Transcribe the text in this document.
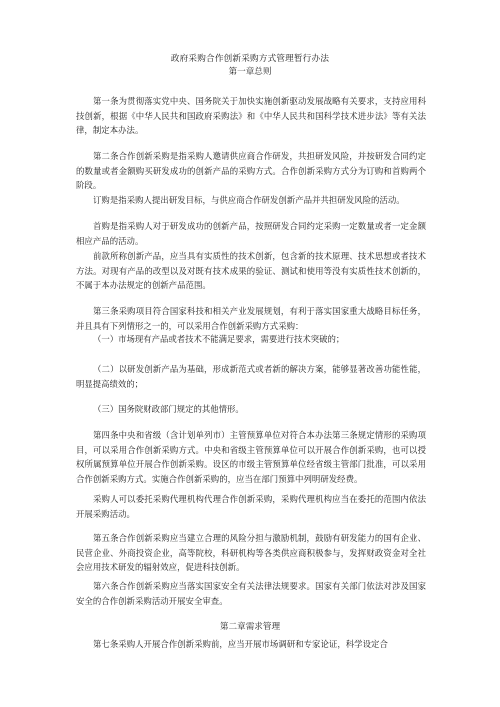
政府采购合作创新采购方式管理暂行办法
第一章总则
第一条为贯彻落实党中央、国务院关于加快实施创新驱动发展战略有关要求，支持应用科技创新，根据《中华人民共和国政府采购法》和《中华人民共和国科学技术进步法》等有关法律，制定本办法。
第二条合作创新采购是指采购人邀请供应商合作研发，共担研发风险，并按研发合同约定的数量或者金额购买研发成功的创新产品的采购方式。合作创新采购方式分为订购和首购两个阶段。
订购是指采购人提出研发目标，与供应商合作研发创新产品并共担研发风险的活动。
首购是指采购人对于研发成功的创新产品，按照研发合同约定采购一定数量或者一定金额相应产品的活动。
前款所称创新产品，应当具有实质性的技术创新，包含新的技术原理、技术思想或者技术方法。对现有产品的改型以及对既有技术成果的验证、测试和使用等没有实质性技术创新的，不属于本办法规定的创新产品范围。
第三条采购项目符合国家科技和相关产业发展规划，有利于落实国家重大战略目标任务，并且具有下列情形之一的，可以采用合作创新采购方式采购：
（一）市场现有产品或者技术不能满足要求，需要进行技术突破的；
（二）以研发创新产品为基础，形成新范式或者新的解决方案，能够显著改善功能性能，明显提高绩效的；
（三）国务院财政部门规定的其他情形。
第四条中央和省级（含计划单列市）主管预算单位对符合本办法第三条规定情形的采购项目，可以采用合作创新采购方式。中央和省级主管预算单位可以开展合作创新采购，也可以授权所属预算单位开展合作创新采购。设区的市级主管预算单位经省级主管部门批准，可以采用合作创新采购方式。实施合作创新采购的，应当在部门预算中列明研发经费。
采购人可以委托采购代理机构代理合作创新采购，采购代理机构应当在委托的范围内依法开展采购活动。
第五条合作创新采购应当建立合理的风险分担与激励机制，鼓励有研发能力的国有企业、民营企业、外商投资企业，高等院校，科研机构等各类供应商积极参与，发挥财政资金对全社会应用技术研发的辐射效应，促进科技创新。
第六条合作创新采购应当落实国家安全有关法律法规要求。国家有关部门依法对涉及国家安全的合作创新采购活动开展安全审查。
第二章需求管理
第七条采购人开展合作创新采购前，应当开展市场调研和专家论证，科学设定合
